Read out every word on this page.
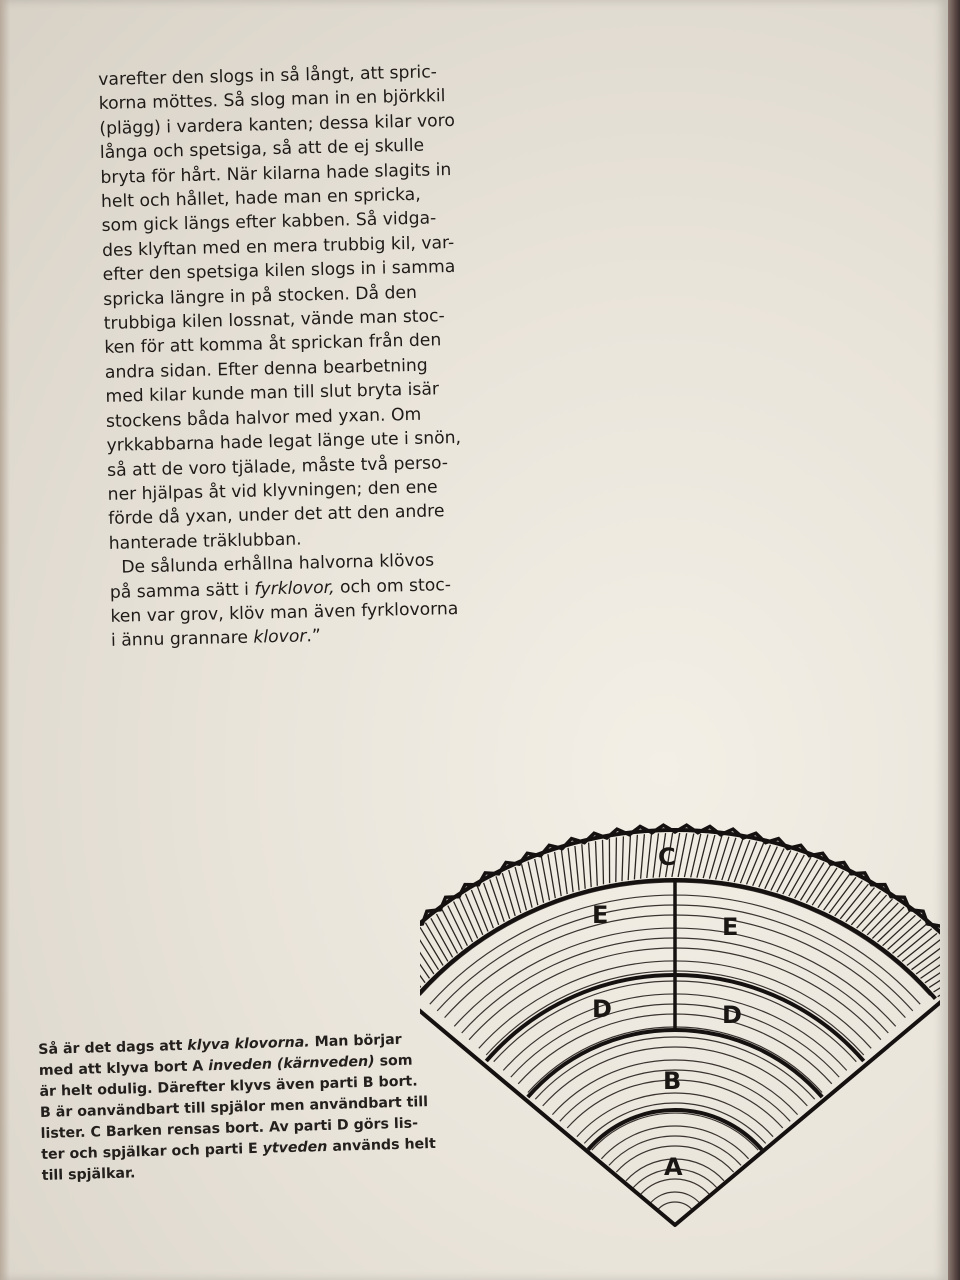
varefter den slogs in så långt, att spric-
korna möttes. Så slog man in en björkkil
(plägg) i vardera kanten; dessa kilar voro
långa och spetsiga, så att de ej skulle
bryta för hårt. När kilarna hade slagits in
helt och hållet, hade man en spricka,
som gick längs efter kabben. Så vidga-
des klyftan med en mera trubbig kil, var-
efter den spetsiga kilen slogs in i samma
spricka längre in på stocken. Då den
trubbiga kilen lossnat, vände man stoc-
ken för att komma åt sprickan från den
andra sidan. Efter denna bearbetning
med kilar kunde man till slut bryta isär
stockens båda halvor med yxan. Om
yrkkabbarna hade legat länge ute i snön,
så att de voro tjälade, måste två perso-
ner hjälpas åt vid klyvningen; den ene
förde då yxan, under det att den andre
hanterade träklubban.
De sålunda erhållna halvorna klövos
på samma sätt i fyrklovor, och om stoc-
ken var grov, klöv man även fyrklovorna
i ännu grannare klovor.”
Så är det dags att klyva klovorna. Man börjar
med att klyva bort A inveden (kärnveden) som
är helt odulig. Därefter klyvs även parti B bort.
B är oanvändbart till spjälor men användbart till
lister. C Barken rensas bort. Av parti D görs lis-
ter och spjälkar och parti E ytveden används helt
till spjälkar.
C
E	E
D	D
B
A
